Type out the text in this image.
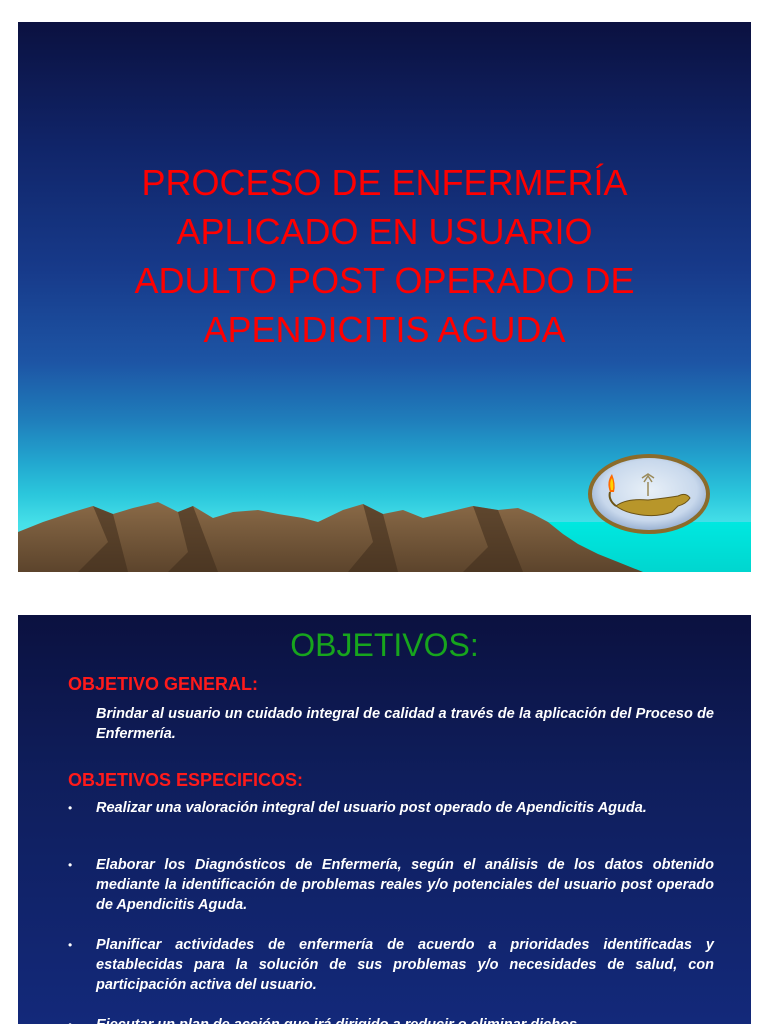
PROCESO DE ENFERMERÍA
APLICADO EN USUARIO
ADULTO POST OPERADO DE
APENDICITIS AGUDA

OBJETIVOS:

OBJETIVO GENERAL:

Brindar al usuario un cuidado integral de calidad a través de la aplicación del Proceso de Enfermería.

OBJETIVOS ESPECIFICOS:

• Realizar una valoración integral del usuario post operado de Apendicitis Aguda.

• Elaborar los Diagnósticos de Enfermería, según el análisis de los datos obtenido mediante la identificación de problemas reales y/o potenciales del usuario post operado de Apendicitis Aguda.

• Planificar actividades de enfermería de acuerdo a prioridades identificadas y establecidas para la solución de sus problemas y/o necesidades de salud, con participación activa del usuario.

• Ejecutar un plan de acción que irá dirigido a reducir o eliminar dichos
